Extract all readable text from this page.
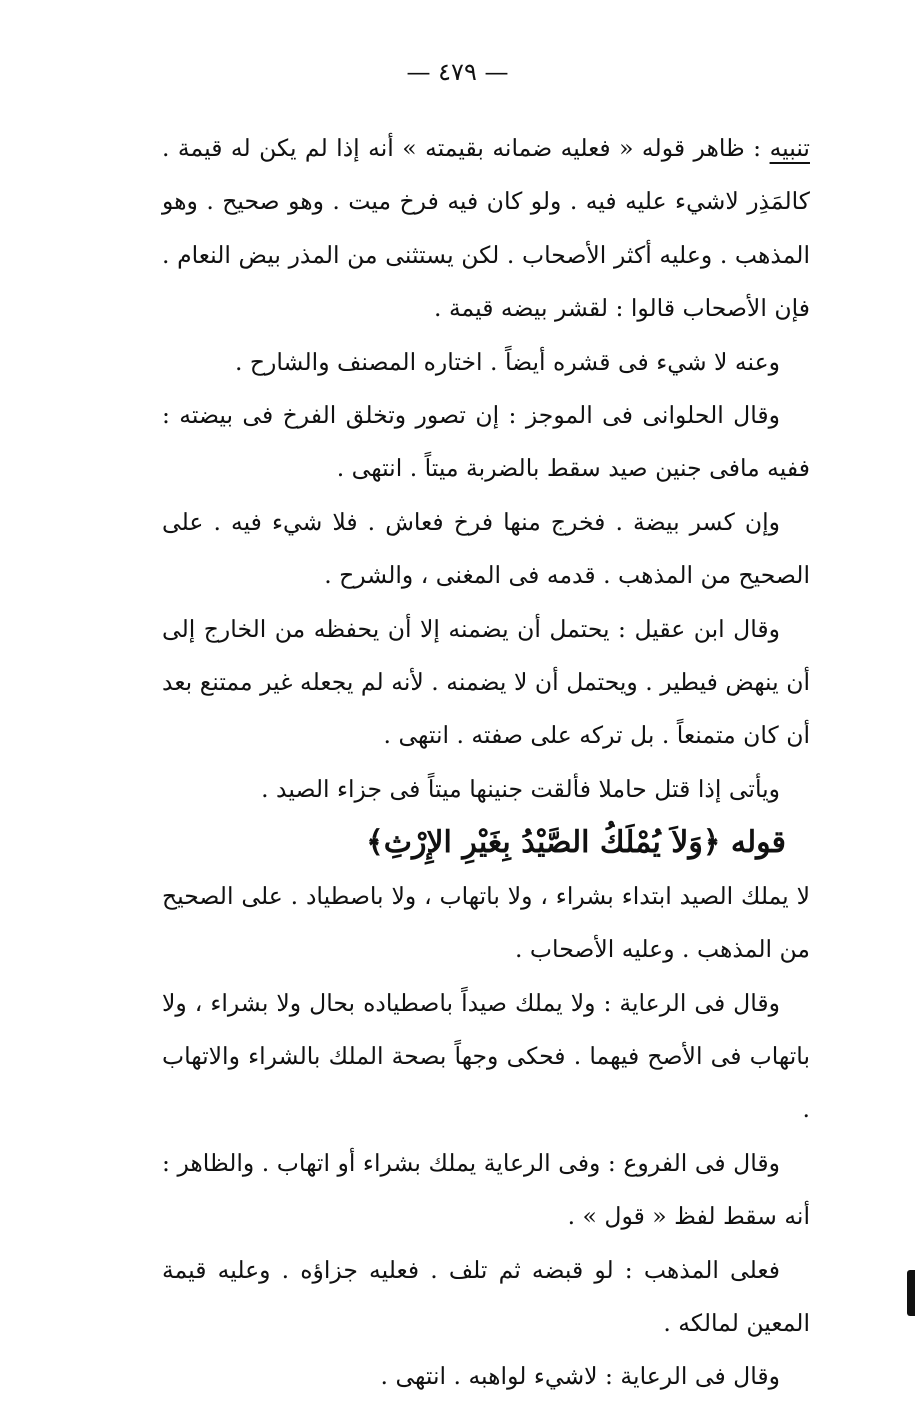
— ٤٧٩ —

تنبيه : ظاهر قوله « فعليه ضمانه بقيمته » أنه إذا لم يكن له قيمة . كالمَذِر لاشيء عليه فيه . ولو كان فيه فرخ ميت . وهو صحيح . وهو المذهب . وعليه أكثر الأصحاب . لكن يستثنى من المذر بيض النعام . فإن الأصحاب قالوا : لقشر بيضه قيمة .

وعنه لا شيء فى قشره أيضاً . اختاره المصنف والشارح .

وقال الحلوانى فى الموجز : إن تصور وتخلق الفرخ فى بيضته : ففيه مافى جنين صيد سقط بالضربة ميتاً . انتهى .

وإن كسر بيضة . فخرج منها فرخ فعاش . فلا شيء فيه . على الصحيح من المذهب . قدمه فى المغنى ، والشرح .

وقال ابن عقيل : يحتمل أن يضمنه إلا أن يحفظه من الخارج إلى أن ينهض فيطير . ويحتمل أن لا يضمنه . لأنه لم يجعله غير ممتنع بعد أن كان متمنعاً . بل تركه على صفته . انتهى .

ويأتى إذا قتل حاملا فألقت جنينها ميتاً فى جزاء الصيد .

قوله ﴿وَلاَ يُمْلَكُ الصَّيْدُ بِغَيْرِ الإِرْثِ﴾

لا يملك الصيد ابتداء بشراء ، ولا باتهاب ، ولا باصطياد . على الصحيح من المذهب . وعليه الأصحاب .

وقال فى الرعاية : ولا يملك صيداً باصطياده بحال ولا بشراء ، ولا باتهاب فى الأصح فيهما . فحكى وجهاً بصحة الملك بالشراء والاتهاب .

وقال فى الفروع : وفى الرعاية يملك بشراء أو اتهاب . والظاهر : أنه سقط لفظ « قول » .

فعلى المذهب : لو قبضه ثم تلف . فعليه جزاؤه . وعليه قيمة المعين لمالكه .

وقال فى الرعاية : لاشيء لواهبه . انتهى .
